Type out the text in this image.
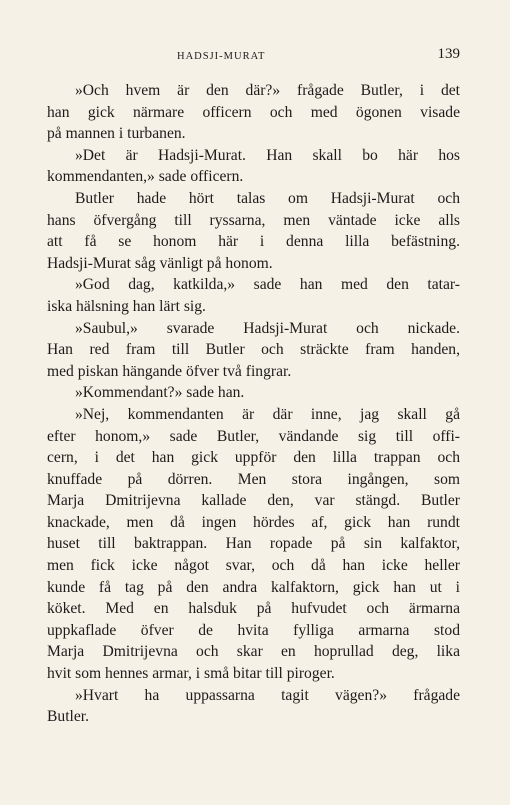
HADSJI-MURAT	139
»Och hvem är den där?» frågade Butler, i det
han gick närmare officern och med ögonen visade
på mannen i turbanen.
»Det är Hadsji-Murat. Han skall bo här hos
kommendanten,» sade officern.
Butler hade hört talas om Hadsji-Murat och
hans öfvergång till ryssarna, men väntade icke alls
att få se honom här i denna lilla befästning.
Hadsji-Murat såg vänligt på honom.
»God dag, katkilda,» sade han med den tatar-
iska hälsning han lärt sig.
»Saubul,» svarade Hadsji-Murat och nickade.
Han red fram till Butler och sträckte fram handen,
med piskan hängande öfver två fingrar.
»Kommendant?» sade han.
»Nej, kommendanten är där inne, jag skall gå
efter honom,» sade Butler, vändande sig till offi-
cern, i det han gick uppför den lilla trappan och
knuffade på dörren. Men stora ingången, som
Marja Dmitrijevna kallade den, var stängd. Butler
knackade, men då ingen hördes af, gick han rundt
huset till baktrappan. Han ropade på sin kalfaktor,
men fick icke något svar, och då han icke heller
kunde få tag på den andra kalfaktorn, gick han ut i
köket. Med en halsduk på hufvudet och ärmarna
uppkaflade öfver de hvita fylliga armarna stod
Marja Dmitrijevna och skar en hoprullad deg, lika
hvit som hennes armar, i små bitar till piroger.
»Hvart ha uppassarna tagit vägen?» frågade
Butler.
